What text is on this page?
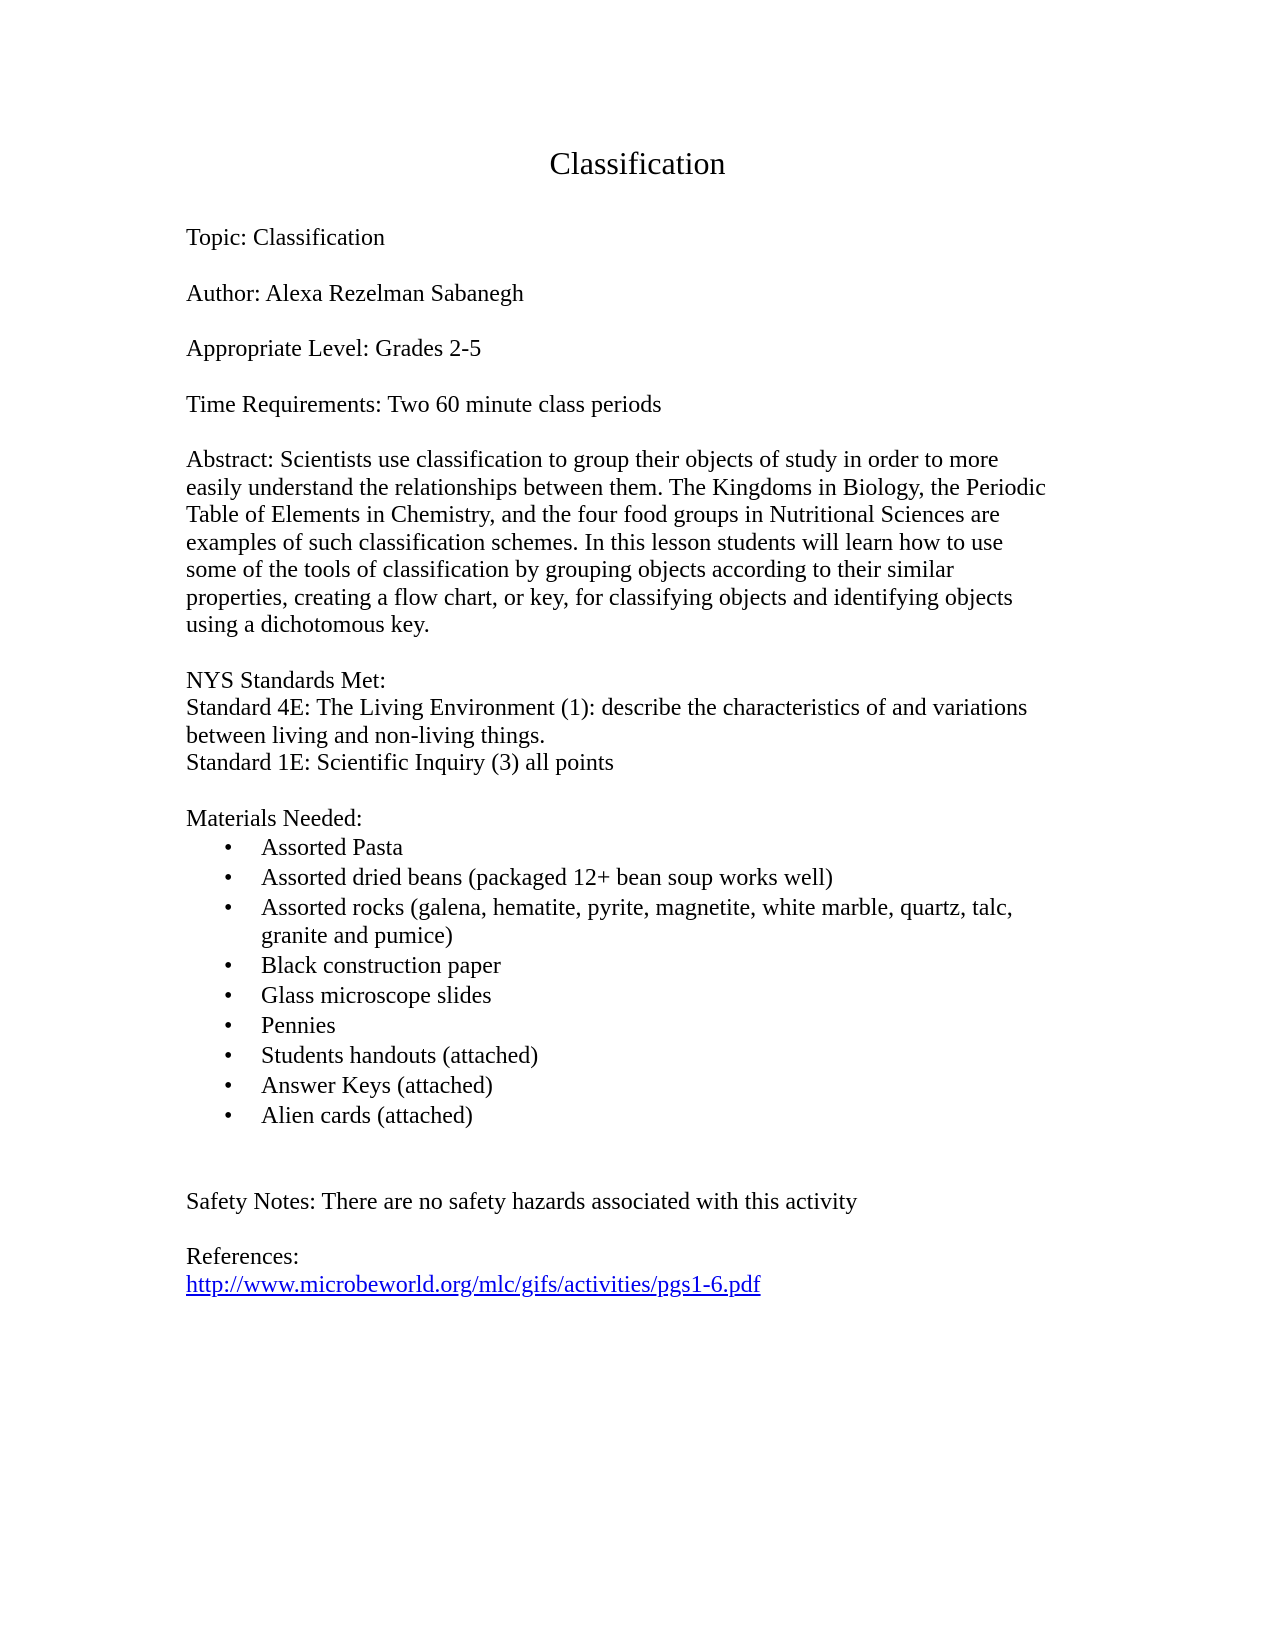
Classification

Topic: Classification

Author: Alexa Rezelman Sabanegh

Appropriate Level: Grades 2-5

Time Requirements: Two 60 minute class periods

Abstract: Scientists use classification to group their objects of study in order to more

easily understand the relationships between them. The Kingdoms in Biology, the Periodic

Table of Elements in Chemistry, and the four food groups in Nutritional Sciences are

examples of such classification schemes. In this lesson students will learn how to use

some of the tools of classification by grouping objects according to their similar

properties, creating a flow chart, or key, for classifying objects and identifying objects

using a dichotomous key.

NYS Standards Met:

Standard 4E: The Living Environment (1): describe the characteristics of and variations

between living and non-living things.

Standard 1E: Scientific Inquiry (3) all points

Materials Needed:

• Assorted Pasta
• Assorted dried beans (packaged 12+ bean soup works well)
• Assorted rocks (galena, hematite, pyrite, magnetite, white marble, quartz, talc,
granite and pumice)
• Black construction paper
• Glass microscope slides
• Pennies
• Students handouts (attached)
• Answer Keys (attached)
• Alien cards (attached)

Safety Notes: There are no safety hazards associated with this activity

References:

http://www.microbeworld.org/mlc/gifs/activities/pgs1-6.pdf
